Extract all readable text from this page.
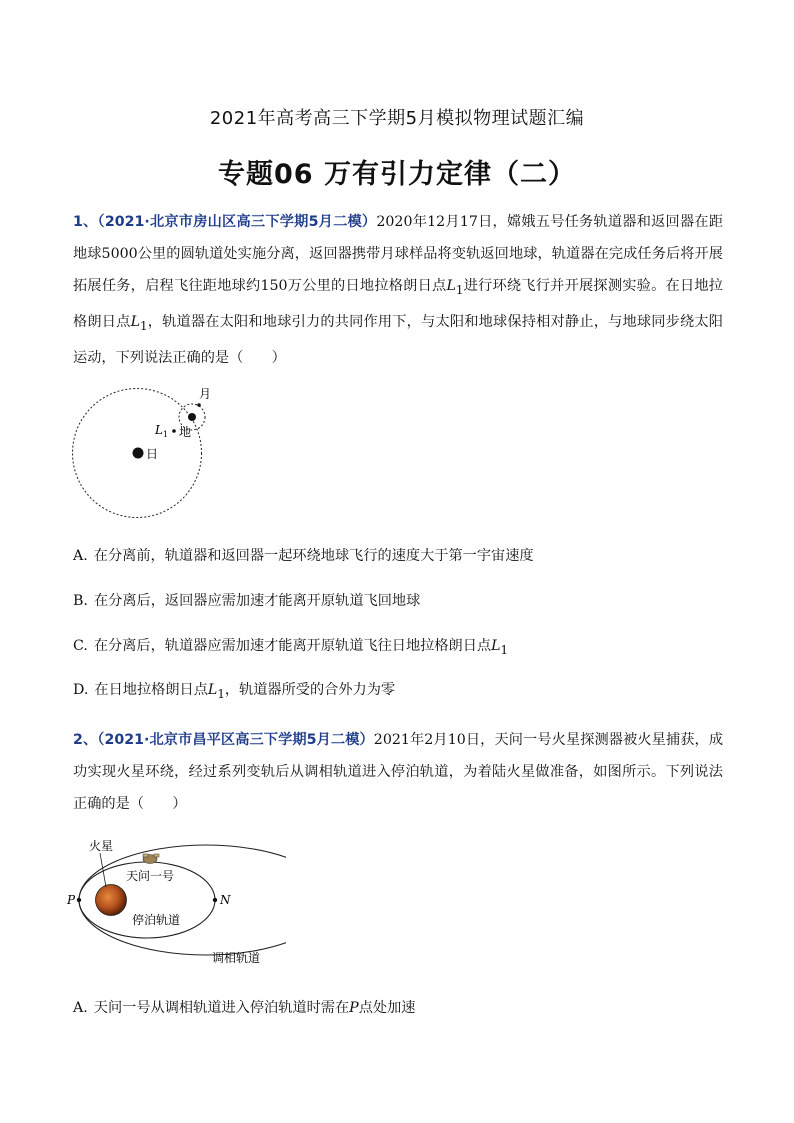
2021年高考高三下学期5月模拟物理试题汇编
专题06 万有引力定律（二）
1、（2021·北京市房山区高三下学期5月二模）2020年12月17日，嫦娥五号任务轨道器和返回器在距地球5000公里的圆轨道处实施分离，返回器携带月球样品将变轨返回地球，轨道器在完成任务后将开展拓展任务，启程飞往距地球约150万公里的日地拉格朗日点$L_1$进行环绕飞行并开展探测实验。在日地拉格朗日点$L_1$，轨道器在太阳和地球引力的共同作用下，与太阳和地球保持相对静止，与地球同步绕太阳运动，下列说法正确的是（　　）
日
地
月
L 1
A. 在分离前，轨道器和返回器一起环绕地球飞行的速度大于第一宇宙速度
B. 在分离后，返回器应需加速才能离开原轨道飞回地球
C. 在分离后，轨道器应需加速才能离开原轨道飞往日地拉格朗日点$L_1$
D. 在日地拉格朗日点$L_1$，轨道器所受的合外力为零
2、（2021·北京市昌平区高三下学期5月二模）2021年2月10日，天问一号火星探测器被火星捕获，成功实现火星环绕，经过系列变轨后从调相轨道进入停泊轨道，为着陆火星做准备，如图所示。下列说法正确的是（　　）
P	N
火星
天问一号
停泊轨道
调相轨道
A. 天问一号从调相轨道进入停泊轨道时需在P点处加速
